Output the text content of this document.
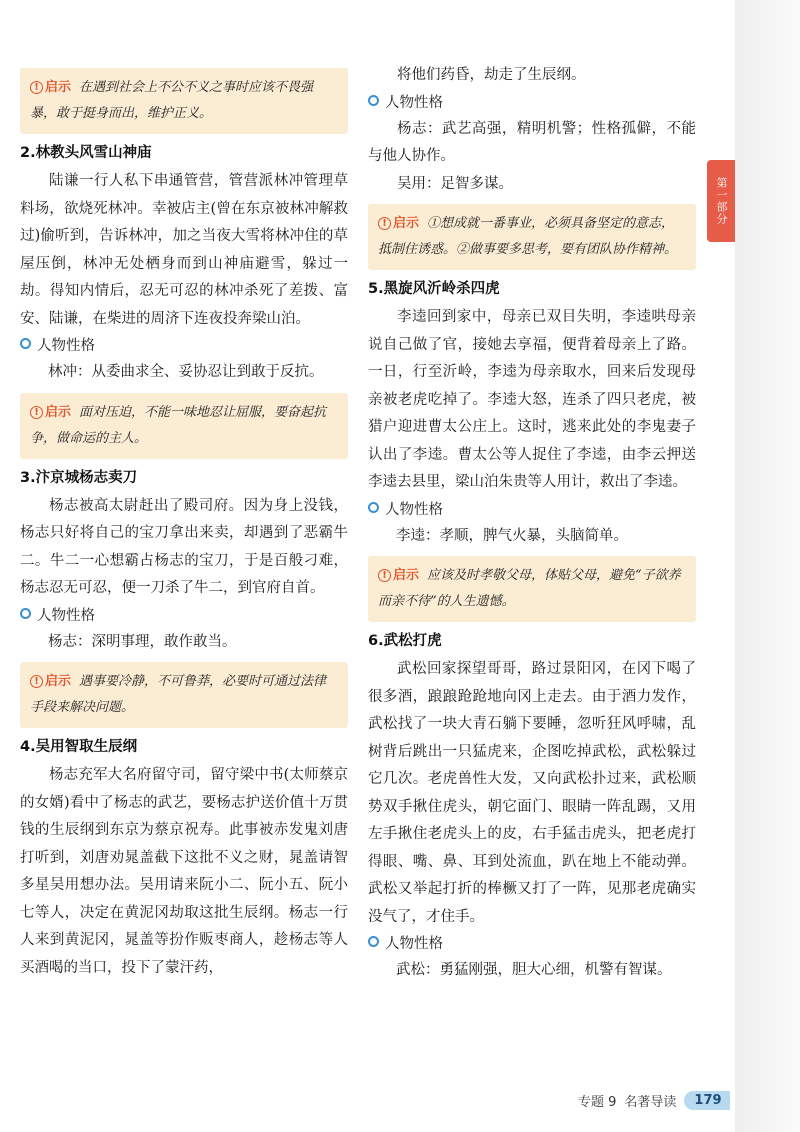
第一部分
! 启示 在遇到社会上不公不义之事时应该不畏强暴，敢于挺身而出，维护正义。
2.林教头风雪山神庙

陆谦一行人私下串通管营，管营派林冲管理草料场，欲烧死林冲。幸被店主(曾在东京被林冲解救过)偷听到，告诉林冲，加之当夜大雪将林冲住的草屋压倒，林冲无处栖身而到山神庙避雪，躲过一劫。得知内情后，忍无可忍的林冲杀死了差拨、富安、陆谦，在柴进的周济下连夜投奔梁山泊。

人物性格

林冲：从委曲求全、妥协忍让到敢于反抗。

! 启示 面对压迫，不能一味地忍让屈服，要奋起抗争，做命运的主人。
3.汴京城杨志卖刀

杨志被高太尉赶出了殿司府。因为身上没钱，杨志只好将自己的宝刀拿出来卖，却遇到了恶霸牛二。牛二一心想霸占杨志的宝刀，于是百般刁难，杨志忍无可忍，便一刀杀了牛二，到官府自首。

人物性格

杨志：深明事理，敢作敢当。

! 启示 遇事要冷静，不可鲁莽，必要时可通过法律手段来解决问题。
4.吴用智取生辰纲

杨志充军大名府留守司，留守梁中书(太师蔡京的女婿)看中了杨志的武艺，要杨志护送价值十万贯钱的生辰纲到东京为蔡京祝寿。此事被赤发鬼刘唐打听到，刘唐劝晁盖截下这批不义之财，晁盖请智多星吴用想办法。吴用请来阮小二、阮小五、阮小七等人，决定在黄泥冈劫取这批生辰纲。杨志一行人来到黄泥冈，晁盖等扮作贩枣商人，趁杨志等人买酒喝的当口，投下了蒙汗药，

将他们药昏，劫走了生辰纲。

人物性格

杨志：武艺高强，精明机警；性格孤僻，不能与他人协作。

吴用：足智多谋。

! 启示 ①想成就一番事业，必须具备坚定的意志，抵制住诱惑。②做事要多思考，要有团队协作精神。
5.黑旋风沂岭杀四虎

李逵回到家中，母亲已双目失明，李逵哄母亲说自己做了官，接她去享福，便背着母亲上了路。一日，行至沂岭，李逵为母亲取水，回来后发现母亲被老虎吃掉了。李逵大怒，连杀了四只老虎，被猎户迎进曹太公庄上。这时，逃来此处的李鬼妻子认出了李逵。曹太公等人捉住了李逵，由李云押送李逵去县里，梁山泊朱贵等人用计，救出了李逵。

人物性格

李逵：孝顺，脾气火暴，头脑简单。

! 启示 应该及时孝敬父母，体贴父母，避免“子欲养而亲不待”的人生遗憾。
6.武松打虎

武松回家探望哥哥，路过景阳冈，在冈下喝了很多酒，踉踉跄跄地向冈上走去。由于酒力发作，武松找了一块大青石躺下要睡，忽听狂风呼啸，乱树背后跳出一只猛虎来，企图吃掉武松，武松躲过它几次。老虎兽性大发，又向武松扑过来，武松顺势双手揪住虎头，朝它面门、眼睛一阵乱踢，又用左手揪住老虎头上的皮，右手猛击虎头，把老虎打得眼、嘴、鼻、耳到处流血，趴在地上不能动弹。武松又举起打折的棒橛又打了一阵，见那老虎确实没气了，才住手。

人物性格

武松：勇猛刚强，胆大心细，机警有智谋。

专题 9 名著导读	179
